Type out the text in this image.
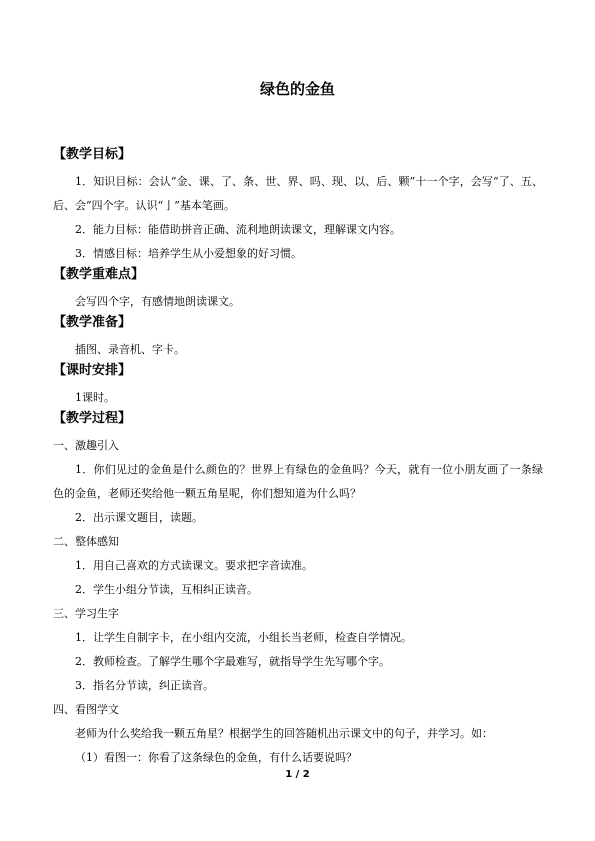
绿色的金鱼
【教学目标】
1．知识目标：会认“金、课、了、条、世、界、吗、现、以、后、颗”十一个字，会写“了、五、后、会”四个字。认识“亅”基本笔画。
2．能力目标：能借助拼音正确、流利地朗读课文，理解课文内容。
3．情感目标：培养学生从小爱想象的好习惯。
【教学重难点】
会写四个字，有感情地朗读课文。
【教学准备】
插图、录音机、字卡。
【课时安排】
1课时。
【教学过程】
一、激趣引入
1．你们见过的金鱼是什么颜色的？世界上有绿色的金鱼吗？今天，就有一位小朋友画了一条绿色的金鱼，老师还奖给他一颗五角星呢，你们想知道为什么吗？
2．出示课文题目，读题。
二、整体感知
1．用自己喜欢的方式读课文。要求把字音读准。
2．学生小组分节读，互相纠正读音。
三、学习生字
1．让学生自制字卡，在小组内交流，小组长当老师，检查自学情况。
2．教师检查。了解学生哪个字最难写，就指导学生先写哪个字。
3．指名分节读，纠正读音。
四、看图学文
老师为什么奖给我一颗五角星？根据学生的回答随机出示课文中的句子，并学习。如：
（1）看图一：你看了这条绿色的金鱼，有什么话要说吗？
1 / 2
